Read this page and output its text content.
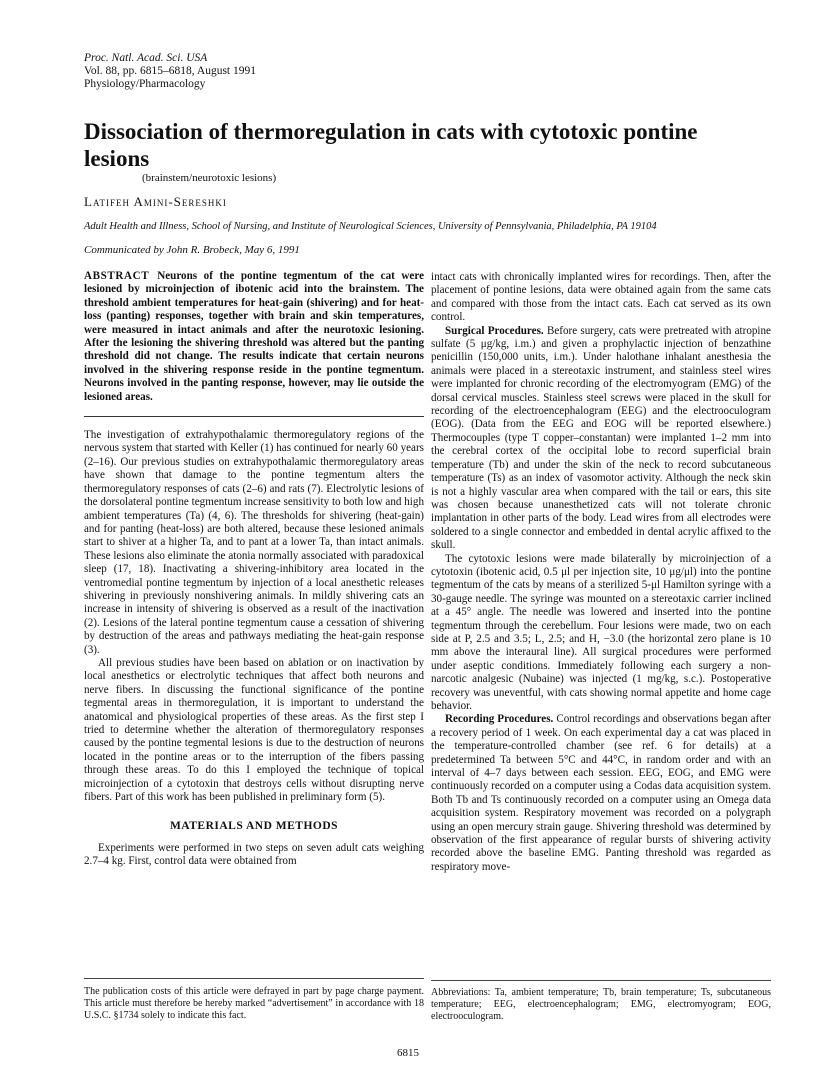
Proc. Natl. Acad. Sci. USA
Vol. 88, pp. 6815–6818, August 1991
Physiology/Pharmacology
Dissociation of thermoregulation in cats with cytotoxic pontine lesions
(brainstem/neurotoxic lesions)
Latifeh Amini-Sereshki
Adult Health and Illness, School of Nursing, and Institute of Neurological Sciences, University of Pennsylvania, Philadelphia, PA 19104
Communicated by John R. Brobeck, May 6, 1991

ABSTRACT Neurons of the pontine tegmentum of the cat were lesioned by microinjection of ibotenic acid into the brainstem. The threshold ambient temperatures for heat-gain (shivering) and for heat-loss (panting) responses, together with brain and skin temperatures, were measured in intact animals and after the neurotoxic lesioning. After the lesioning the shivering threshold was altered but the panting threshold did not change. The results indicate that certain neurons involved in the shivering response reside in the pontine tegmentum. Neurons involved in the panting response, however, may lie outside the lesioned areas.

The investigation of extrahypothalamic thermoregulatory regions of the nervous system that started with Keller (1) has continued for nearly 60 years (2–16). Our previous studies on extrahypothalamic thermoregulatory areas have shown that damage to the pontine tegmentum alters the thermoregulatory responses of cats (2–6) and rats (7). Electrolytic lesions of the dorsolateral pontine tegmentum increase sensitivity to both low and high ambient temperatures (Ta) (4, 6). The thresholds for shivering (heat-gain) and for panting (heat-loss) are both altered, because these lesioned animals start to shiver at a higher Ta, and to pant at a lower Ta, than intact animals. These lesions also eliminate the atonia normally associated with paradoxical sleep (17, 18). Inactivating a shivering-inhibitory area located in the ventromedial pontine tegmentum by injection of a local anesthetic releases shivering in previously nonshivering animals. In mildly shivering cats an increase in intensity of shivering is observed as a result of the inactivation (2). Lesions of the lateral pontine tegmentum cause a cessation of shivering by destruction of the areas and pathways mediating the heat-gain response (3).

All previous studies have been based on ablation or on inactivation by local anesthetics or electrolytic techniques that affect both neurons and nerve fibers. In discussing the functional significance of the pontine tegmental areas in thermoregulation, it is important to understand the anatomical and physiological properties of these areas. As the first step I tried to determine whether the alteration of thermoregulatory responses caused by the pontine tegmental lesions is due to the destruction of neurons located in the pontine areas or to the interruption of the fibers passing through these areas. To do this I employed the technique of topical microinjection of a cytotoxin that destroys cells without disrupting nerve fibers. Part of this work has been published in preliminary form (5).

MATERIALS AND METHODS

Experiments were performed in two steps on seven adult cats weighing 2.7–4 kg. First, control data were obtained from

intact cats with chronically implanted wires for recordings. Then, after the placement of pontine lesions, data were obtained again from the same cats and compared with those from the intact cats. Each cat served as its own control.

Surgical Procedures. Before surgery, cats were pretreated with atropine sulfate (5 μg/kg, i.m.) and given a prophylactic injection of benzathine penicillin (150,000 units, i.m.). Under halothane inhalant anesthesia the animals were placed in a stereotaxic instrument, and stainless steel wires were implanted for chronic recording of the electromyogram (EMG) of the dorsal cervical muscles. Stainless steel screws were placed in the skull for recording of the electroencephalogram (EEG) and the electrooculogram (EOG). (Data from the EEG and EOG will be reported elsewhere.) Thermocouples (type T copper–constantan) were implanted 1–2 mm into the cerebral cortex of the occipital lobe to record superficial brain temperature (Tb) and under the skin of the neck to record subcutaneous temperature (Ts) as an index of vasomotor activity. Although the neck skin is not a highly vascular area when compared with the tail or ears, this site was chosen because unanesthetized cats will not tolerate chronic implantation in other parts of the body. Lead wires from all electrodes were soldered to a single connector and embedded in dental acrylic affixed to the skull.

The cytotoxic lesions were made bilaterally by microinjection of a cytotoxin (ibotenic acid, 0.5 μl per injection site, 10 μg/μl) into the pontine tegmentum of the cats by means of a sterilized 5-μl Hamilton syringe with a 30-gauge needle. The syringe was mounted on a stereotaxic carrier inclined at a 45° angle. The needle was lowered and inserted into the pontine tegmentum through the cerebellum. Four lesions were made, two on each side at P, 2.5 and 3.5; L, 2.5; and H, −3.0 (the horizontal zero plane is 10 mm above the interaural line). All surgical procedures were performed under aseptic conditions. Immediately following each surgery a non-narcotic analgesic (Nubaine) was injected (1 mg/kg, s.c.). Postoperative recovery was uneventful, with cats showing normal appetite and home cage behavior.

Recording Procedures. Control recordings and observations began after a recovery period of 1 week. On each experimental day a cat was placed in the temperature-controlled chamber (see ref. 6 for details) at a predetermined Ta between 5°C and 44°C, in random order and with an interval of 4–7 days between each session. EEG, EOG, and EMG were continuously recorded on a computer using a Codas data acquisition system. Both Tb and Ts continuously recorded on a computer using an Omega data acquisition system. Respiratory movement was recorded on a polygraph using an open mercury strain gauge. Shivering threshold was determined by observation of the first appearance of regular bursts of shivering activity recorded above the baseline EMG. Panting threshold was regarded as respiratory move-

The publication costs of this article were defrayed in part by page charge payment. This article must therefore be hereby marked “advertisement” in accordance with 18 U.S.C. §1734 solely to indicate this fact.
Abbreviations: Ta, ambient temperature; Tb, brain temperature; Ts, subcutaneous temperature; EEG, electroencephalogram; EMG, electromyogram; EOG, electrooculogram.
6815
